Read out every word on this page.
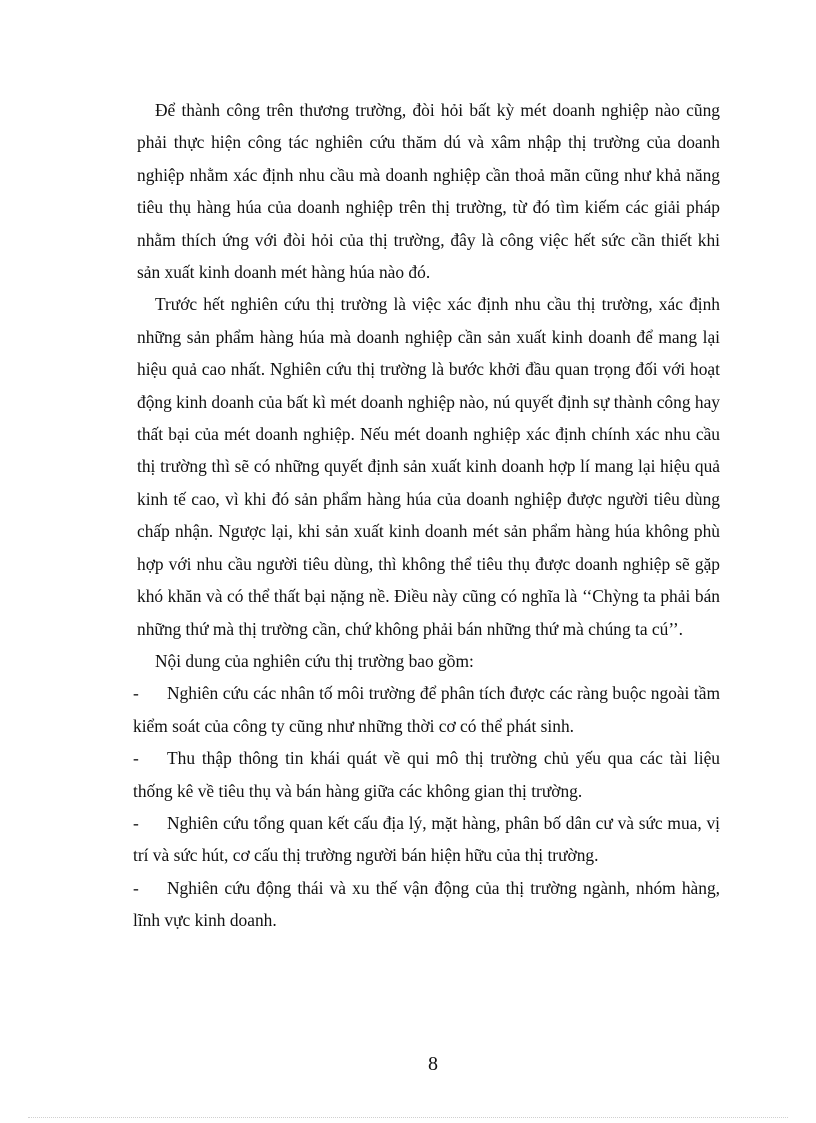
Để thành công trên thương trường, đòi hỏi bất kỳ mét doanh nghiệp nào cũng phải thực hiện công tác nghiên cứu thăm dú và xâm nhập thị trường của doanh nghiệp nhằm xác định nhu cầu mà doanh nghiệp cần thoả mãn cũng như khả năng tiêu thụ hàng húa của doanh nghiệp trên thị trường, từ đó tìm kiếm các giải pháp nhằm thích ứng với đòi hỏi của thị trường, đây là công việc hết sức cần thiết khi sản xuất kinh doanh mét hàng húa nào đó.

Trước hết nghiên cứu thị trường là việc xác định nhu cầu thị trường, xác định những sản phẩm hàng húa mà doanh nghiệp cần sản xuất kinh doanh để mang lại hiệu quả cao nhất. Nghiên cứu thị trường là bước khởi đầu quan trọng đối với hoạt động kinh doanh của bất kì mét doanh nghiệp nào, nú quyết định sự thành công hay thất bại của mét doanh nghiệp. Nếu mét doanh nghiệp xác định chính xác nhu cầu thị trường thì sẽ có những quyết định sản xuất kinh doanh hợp lí mang lại hiệu quả kinh tế cao, vì khi đó sản phẩm hàng húa của doanh nghiệp được người tiêu dùng chấp nhận. Ngược lại, khi sản xuất kinh doanh mét sản phẩm hàng húa không phù hợp với nhu cầu người tiêu dùng, thì không thể tiêu thụ được doanh nghiệp sẽ gặp khó khăn và có thể thất bại nặng nề. Điều này cũng có nghĩa là ‘‘Chỳng ta phải bán những thứ mà thị trường cần, chứ không phải bán những thứ mà chúng ta cú’’.

Nội dung của nghiên cứu thị trường bao gồm:

- Nghiên cứu các nhân tố môi trường để phân tích được các ràng buộc ngoài tầm kiểm soát của công ty cũng như những thời cơ có thể phát sinh.

- Thu thập thông tin khái quát về qui mô thị trường chủ yếu qua các tài liệu thống kê về tiêu thụ và bán hàng giữa các không gian thị trường.

- Nghiên cứu tổng quan kết cấu địa lý, mặt hàng, phân bố dân cư và sức mua, vị trí và sức hút, cơ cấu thị trường người bán hiện hữu của thị trường.

- Nghiên cứu động thái và xu thế vận động của thị trường ngành, nhóm hàng, lĩnh vực kinh doanh.

8
